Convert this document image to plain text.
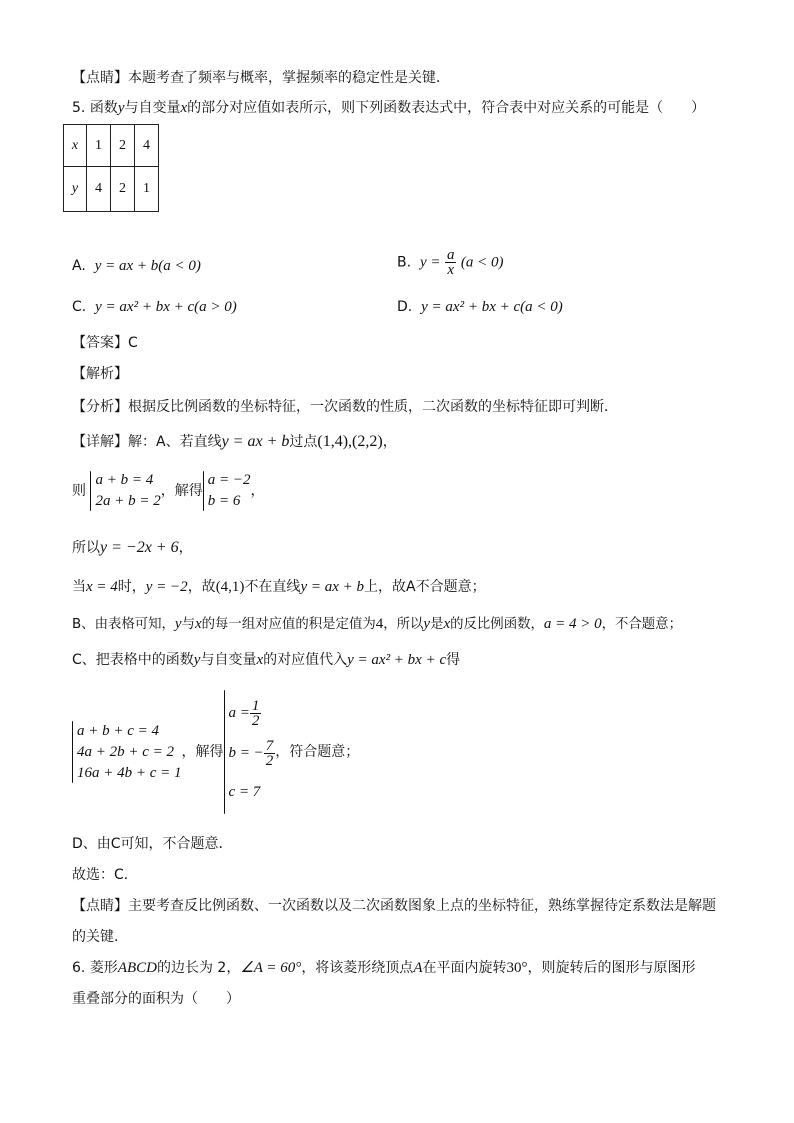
【点睛】本题考查了频率与概率，掌握频率的稳定性是关键．
5. 函数y与自变量x的部分对应值如表所示，则下列函数表达式中，符合表中对应关系的可能是（　　）
x	1	2	4
y	4	2	1
A. y = ax + b(a < 0)	B. $y = \frac{a}{x} (a < 0)$
C. y = ax² + bx + c(a > 0)	D. y = ax² + bx + c(a < 0)
【答案】C
【解析】
【分析】根据反比例函数的坐标特征，一次函数的性质，二次函数的坐标特征即可判断．
【详解】解：A、若直线y = ax + b过点(1,4),(2,2)，
则
a + b = 4
2a + b = 2
，解得
a = −2
b = 6
，
所以y = −2x + 6，
当x = 4时，y = −2，故(4,1)不在直线y = ax + b上，故A不合题意；
B、由表格可知，y与x的每一组对应值的积是定值为4，所以y是x的反比例函数，a = 4 > 0，不合题意；
C、把表格中的函数y与自变量x的对应值代入y = ax² + bx + c得
a + b + c = 4
4a + 2b + c = 2
16a + 4b + c = 1
，解得
$a = \frac{1}{2}$
b = − $\frac{7}{2}$
c = 7
，符合题意；
D、由C可知，不合题意．
故选：C．
【点睛】主要考查反比例函数、一次函数以及二次函数图象上点的坐标特征，熟练掌握待定系数法是解题
的关键．
6. 菱形ABCD的边长为 2，∠A = 60°，将该菱形绕顶点A在平面内旋转30°，则旋转后的图形与原图形
重叠部分的面积为（　　）
